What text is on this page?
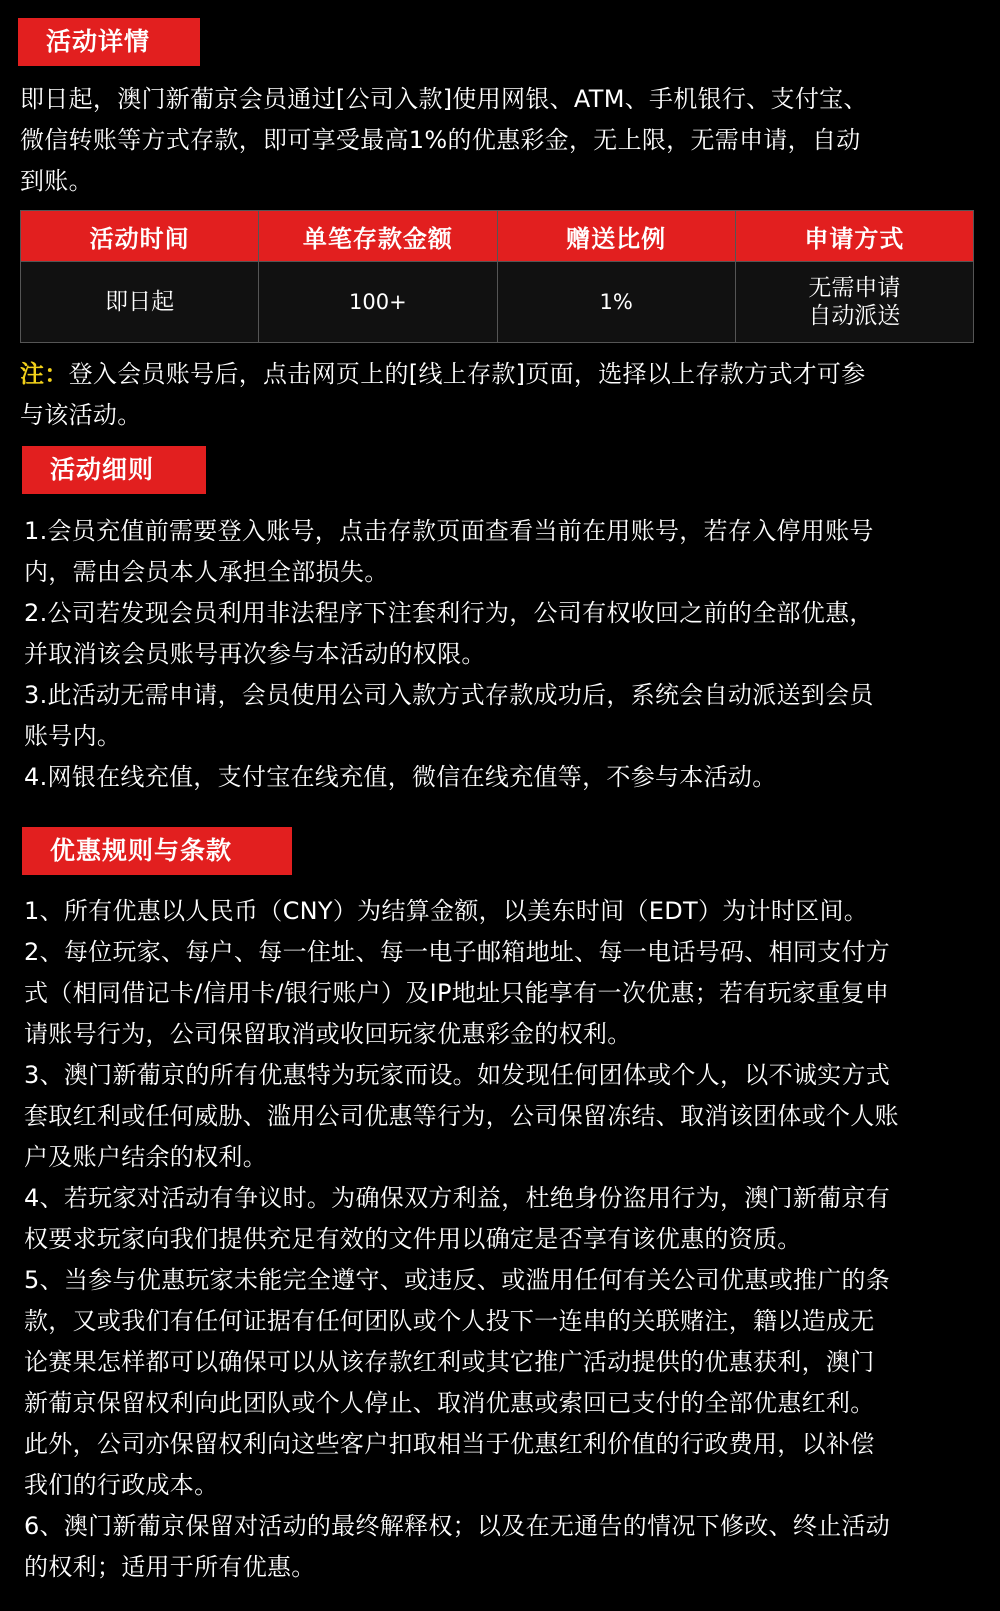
活动详情
即日起，澳门新葡京会员通过[公司入款]使用网银、ATM、手机银行、支付宝、
微信转账等方式存款，即可享受最高1%的优惠彩金，无上限，无需申请，自动
到账。
活动时间	单笔存款金额	赠送比例	申请方式
即日起	100+	1%	无需申请
自动派送
注：登入会员账号后，点击网页上的[线上存款]页面，选择以上存款方式才可参
与该活动。
活动细则
1.会员充值前需要登入账号，点击存款页面查看当前在用账号，若存入停用账号
内，需由会员本人承担全部损失。
2.公司若发现会员利用非法程序下注套利行为，公司有权收回之前的全部优惠，
并取消该会员账号再次参与本活动的权限。
3.此活动无需申请，会员使用公司入款方式存款成功后，系统会自动派送到会员
账号内。
4.网银在线充值，支付宝在线充值，微信在线充值等，不参与本活动。
优惠规则与条款
1、所有优惠以人民币（CNY）为结算金额，以美东时间（EDT）为计时区间。
2、每位玩家、每户、每一住址、每一电子邮箱地址、每一电话号码、相同支付方
式（相同借记卡/信用卡/银行账户）及IP地址只能享有一次优惠；若有玩家重复申
请账号行为，公司保留取消或收回玩家优惠彩金的权利。
3、澳门新葡京的所有优惠特为玩家而设。如发现任何团体或个人，以不诚实方式
套取红利或任何威胁、滥用公司优惠等行为，公司保留冻结、取消该团体或个人账
户及账户结余的权利。
4、若玩家对活动有争议时。为确保双方利益，杜绝身份盗用行为，澳门新葡京有
权要求玩家向我们提供充足有效的文件用以确定是否享有该优惠的资质。
5、当参与优惠玩家未能完全遵守、或违反、或滥用任何有关公司优惠或推广的条
款，又或我们有任何证据有任何团队或个人投下一连串的关联赌注，籍以造成无
论赛果怎样都可以确保可以从该存款红利或其它推广活动提供的优惠获利，澳门
新葡京保留权利向此团队或个人停止、取消优惠或索回已支付的全部优惠红利。
此外，公司亦保留权利向这些客户扣取相当于优惠红利价值的行政费用，以补偿
我们的行政成本。
6、澳门新葡京保留对活动的最终解释权；以及在无通告的情况下修改、终止活动
的权利；适用于所有优惠。
